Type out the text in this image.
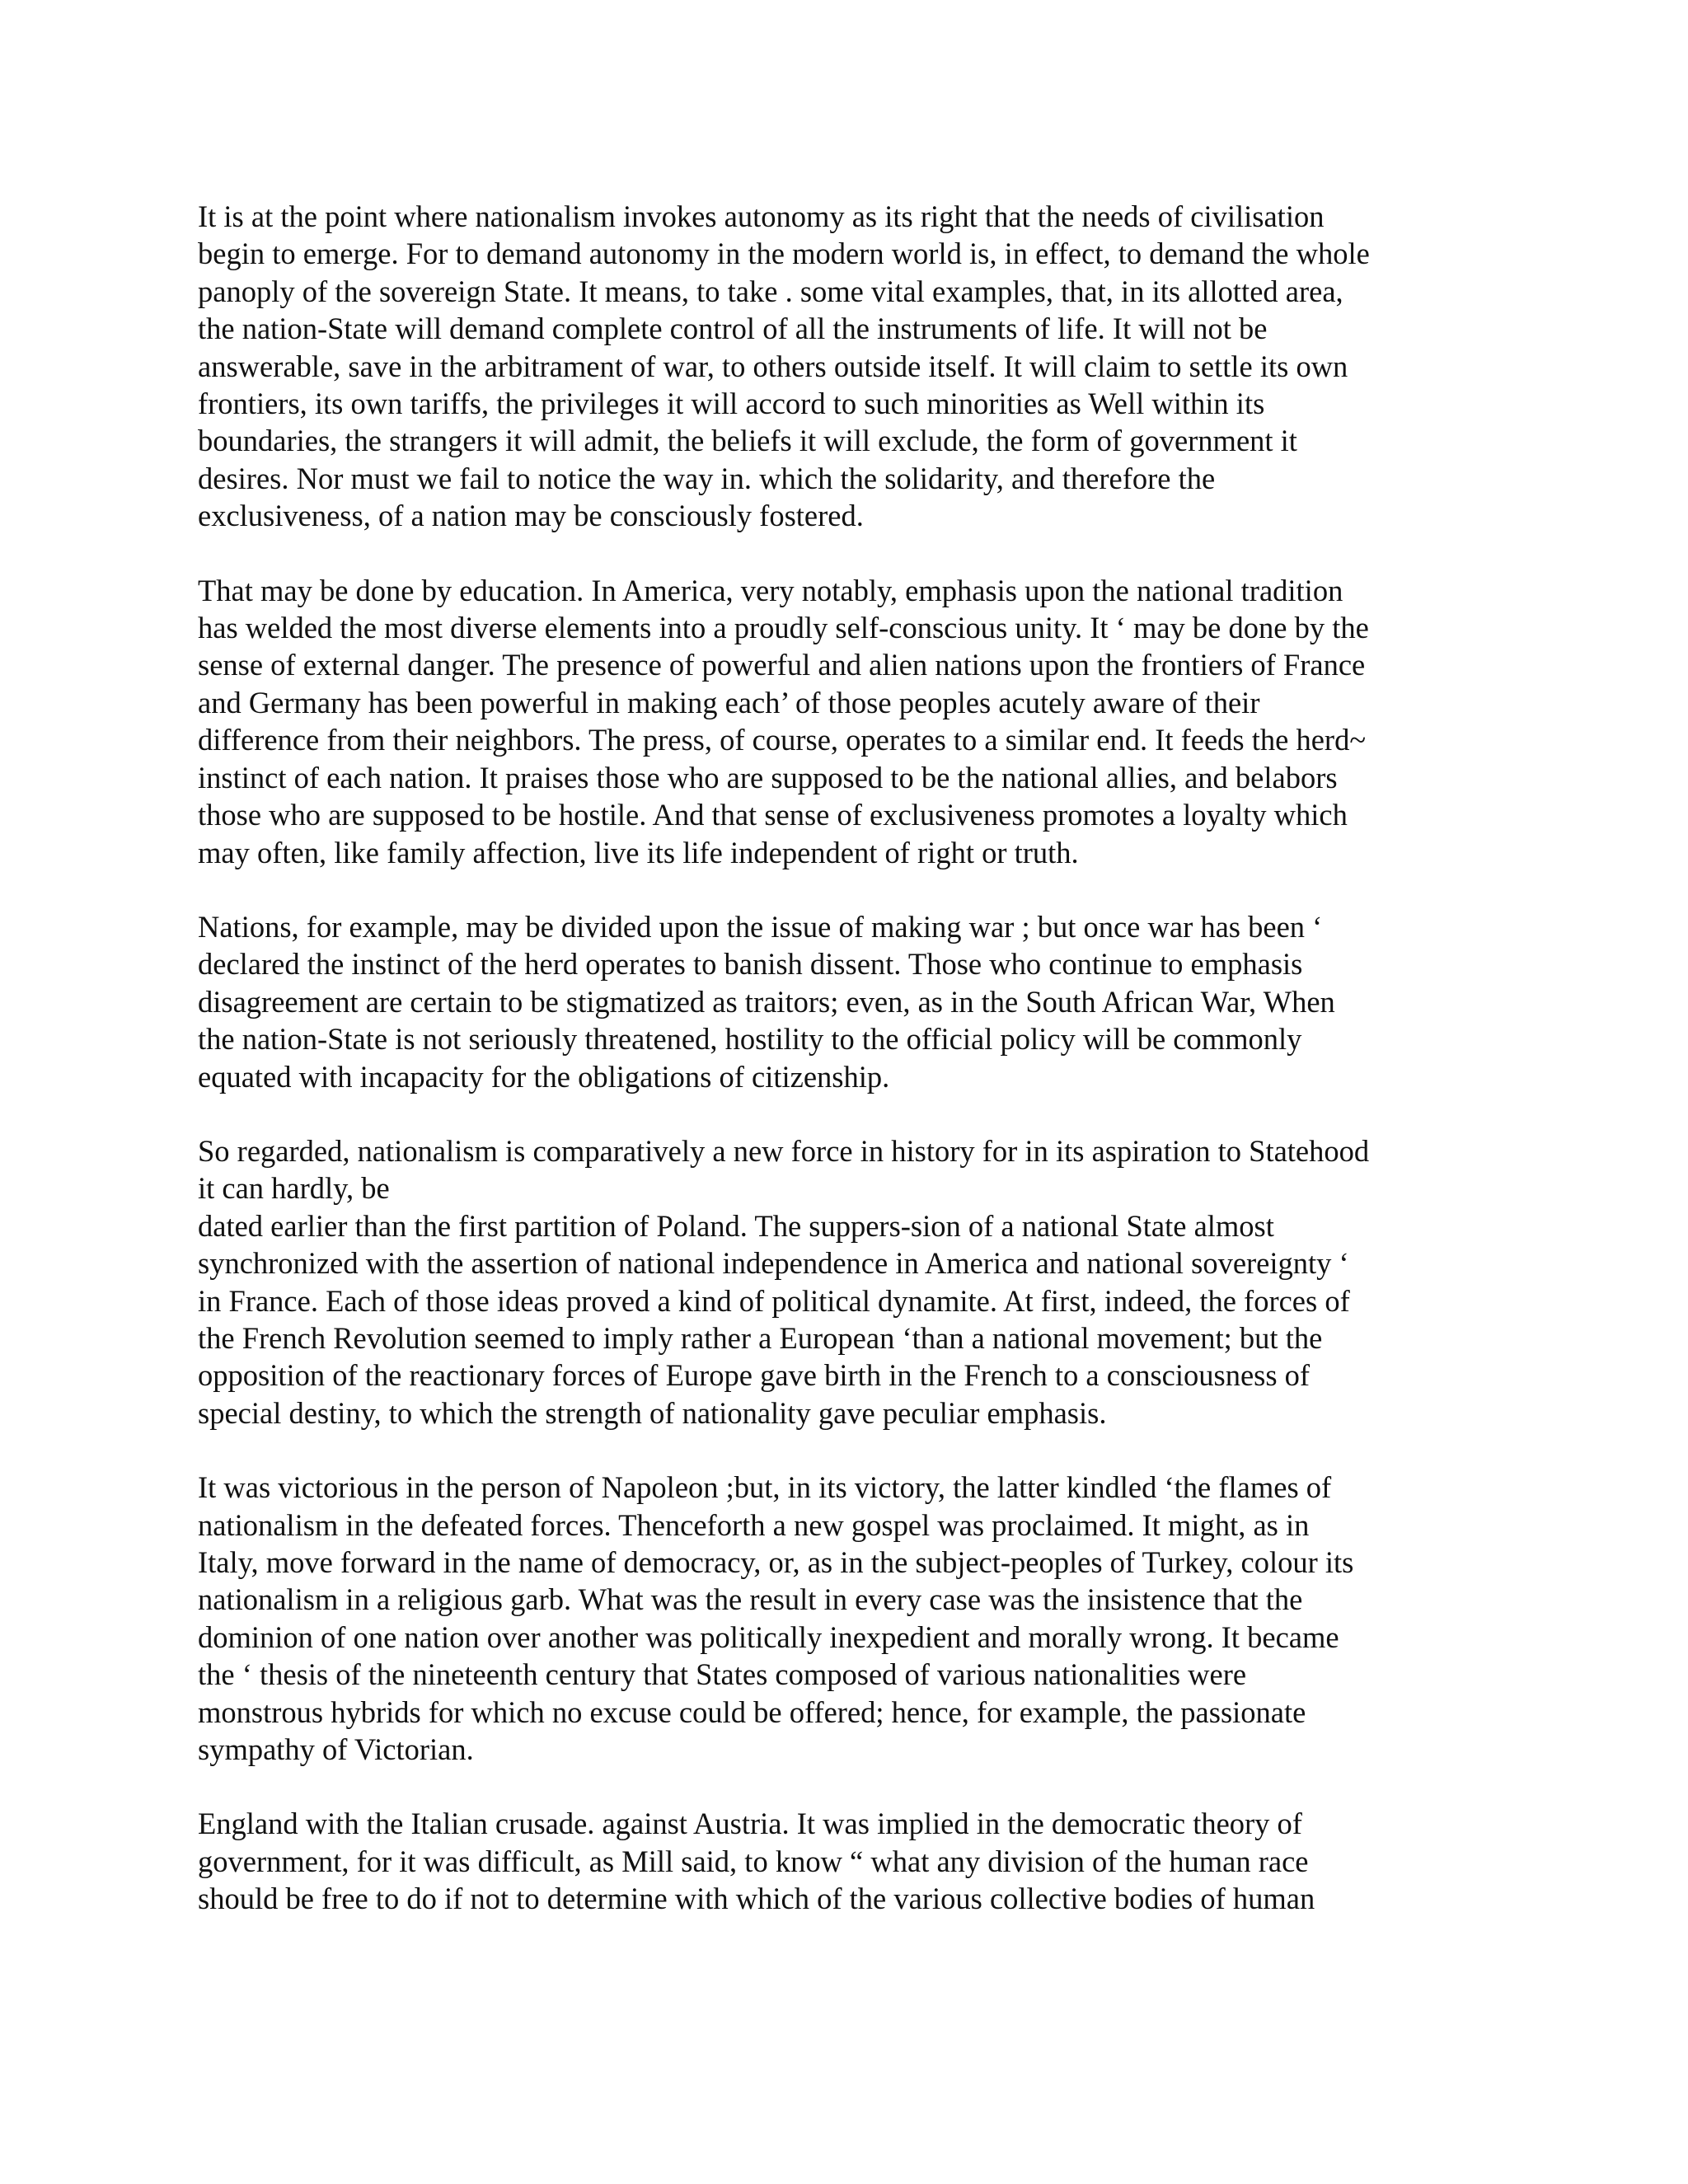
It is at the point where nationalism invokes autonomy as its right that the needs of civilisation
begin to emerge. For to demand autonomy in the modern world is, in effect, to demand the whole
panoply of the sovereign State. It means, to take . some vital examples, that, in its allotted area,
the nation-State will demand complete control of all the instruments of life. It will not be
answerable, save in the arbitrament of war, to others outside itself. It will claim to settle its own
frontiers, its own tariffs, the privileges it will accord to such minorities as Well within its
boundaries, the strangers it will admit, the beliefs it will exclude, the form of government it
desires. Nor must we fail to notice the way in. which the solidarity, and therefore the
exclusiveness, of a nation may be consciously fostered.

That may be done by education. In America, very notably, emphasis upon the national tradition
has welded the most diverse elements into a proudly self-conscious unity. It ‘ may be done by the
sense of external danger. The presence of powerful and alien nations upon the frontiers of France
and Germany has been powerful in making each’ of those peoples acutely aware of their
difference from their neighbors. The press, of course, operates to a similar end. It feeds the herd~
instinct of each nation. It praises those who are supposed to be the national allies, and belabors
those who are supposed to be hostile. And that sense of exclusiveness promotes a loyalty which
may often, like family affection, live its life independent of right or truth.

Nations, for example, may be divided upon the issue of making war ; but once war has been ‘
declared the instinct of the herd operates to banish dissent. Those who continue to emphasis
disagreement are certain to be stigmatized as traitors; even, as in the South African War, When
the nation-State is not seriously threatened, hostility to the official policy will be commonly
equated with incapacity for the obligations of citizenship.

So regarded, nationalism is comparatively a new force in history for in its aspiration to Statehood
it can hardly, be
dated earlier than the first partition of Poland. The suppers-sion of a national State almost
synchronized with the assertion of national independence in America and national sovereignty ‘
in France. Each of those ideas proved a kind of political dynamite. At first, indeed, the forces of
the French Revolution seemed to imply rather a European ‘than a national movement; but the
opposition of the reactionary forces of Europe gave birth in the French to a consciousness of
special destiny, to which the strength of nationality gave peculiar emphasis.

It was victorious in the person of Napoleon ;but, in its victory, the latter kindled ‘the flames of
nationalism in the defeated forces. Thenceforth a new gospel was proclaimed. It might, as in
Italy, move forward in the name of democracy, or, as in the subject-peoples of Turkey, colour its
nationalism in a religious garb. What was the result in every case was the insistence that the
dominion of one nation over another was politically inexpedient and morally wrong. It became
the ‘ thesis of the nineteenth century that States composed of various nationalities were
monstrous hybrids for which no excuse could be offered; hence, for example, the passionate
sympathy of Victorian.

England with the Italian crusade. against Austria. It was implied in the democratic theory of
government, for it was difficult, as Mill said, to know “ what any division of the human race
should be free to do if not to determine with which of the various collective bodies of human
